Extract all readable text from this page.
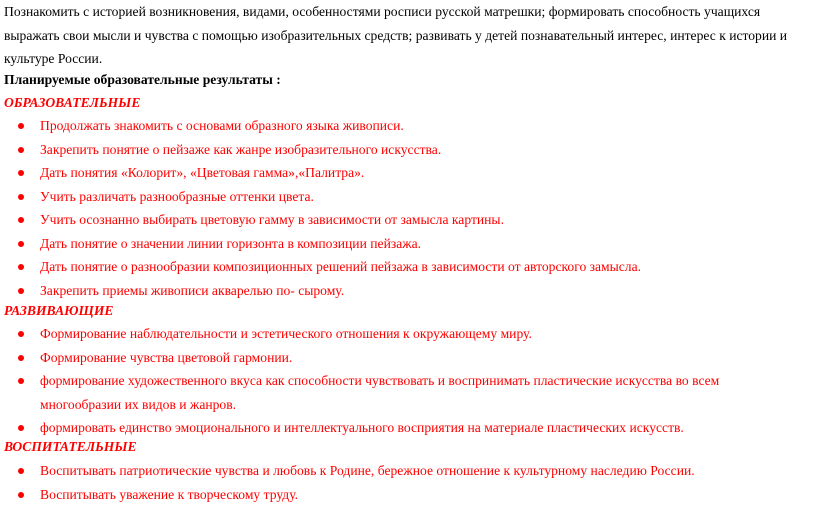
Познакомить с историей возникновения, видами, особенностями росписи русской матрешки; формировать способность учащихся выражать свои мысли и чувства с помощью изобразительных средств; развивать у детей познавательный интерес, интерес к истории и культуре России.

Планируемые образовательные результаты :

ОБРАЗОВАТЕЛЬНЫЕ

Продолжать знакомить с основами образного языка живописи.
Закрепить понятие о пейзаже как жанре изобразительного искусства.
Дать понятия «Колорит», «Цветовая гамма»,«Палитра».
Учить различать разнообразные оттенки цвета.
Учить осознанно выбирать цветовую гамму в зависимости от замысла картины.
Дать понятие о значении линии горизонта в композиции пейзажа.
Дать понятие о разнообразии композиционных решений пейзажа в зависимости от авторского замысла.
Закрепить приемы живописи акварелью по- сырому.

РАЗВИВАЮЩИЕ

Формирование наблюдательности и эстетического отношения к окружающему миру.
Формирование чувства цветовой гармонии.
формирование художественного вкуса как способности чувствовать и воспринимать пластические искусства во всем многообразии их видов и жанров.
формировать единство эмоционального и интеллектуального восприятия на материале пластических искусств.

ВОСПИТАТЕЛЬНЫЕ

Воспитывать патриотические чувства и любовь к Родине, бережное отношение к культурному наследию России.
Воспитывать уважение к творческому труду.
